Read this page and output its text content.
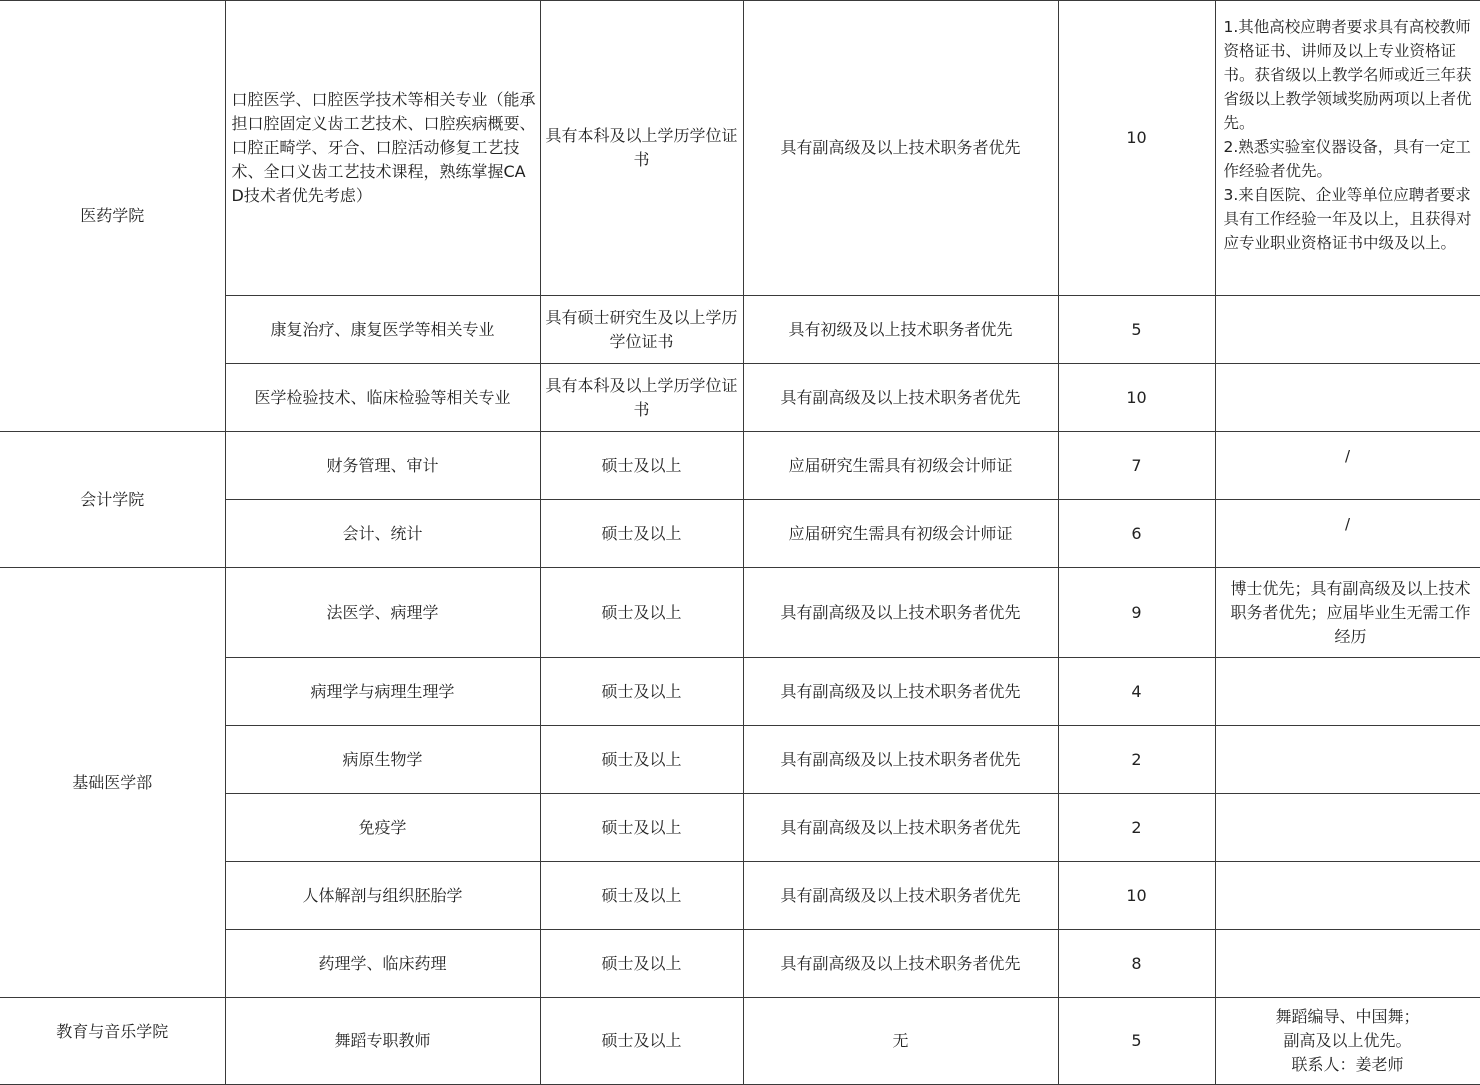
医药学院	口腔医学、口腔医学技术等相关专业（能承担口腔固定义齿工艺技术、口腔疾病概要、口腔正畸学、牙合、口腔活动修复工艺技术、全口义齿工艺技术课程，熟练掌握CAD技术者优先考虑）	具有本科及以上学历学位证书	具有副高级及以上技术职务者优先	10	1.其他高校应聘者要求具有高校教师资格证书、讲师及以上专业资格证书。获省级以上教学名师或近三年获省级以上教学领域奖励两项以上者优先。
2.熟悉实验室仪器设备，具有一定工作经验者优先。
3.来自医院、企业等单位应聘者要求具有工作经验一年及以上，且获得对应专业职业资格证书中级及以上。

	康复治疗、康复医学等相关专业	具有硕士研究生及以上学历学位证书	具有初级及以上技术职务者优先	5	
	医学检验技术、临床检验等相关专业	具有本科及以上学历学位证书	具有副高级及以上技术职务者优先	10	
会计学院	财务管理、审计	硕士及以上	应届研究生需具有初级会计师证	7	/
	会计、统计	硕士及以上	应届研究生需具有初级会计师证	6	/
基础医学部	法医学、病理学	硕士及以上	具有副高级及以上技术职务者优先	9	博士优先；具有副高级及以上技术职务者优先；应届毕业生无需工作经历
	病理学与病理生理学	硕士及以上	具有副高级及以上技术职务者优先	4	
	病原生物学	硕士及以上	具有副高级及以上技术职务者优先	2	
	免疫学	硕士及以上	具有副高级及以上技术职务者优先	2	
	人体解剖与组织胚胎学	硕士及以上	具有副高级及以上技术职务者优先	10	
	药理学、临床药理	硕士及以上	具有副高级及以上技术职务者优先	8	
教育与音乐学院	舞蹈专职教师	硕士及以上	无	5	舞蹈编导、中国舞；
副高及以上优先。
联系人：姜老师
